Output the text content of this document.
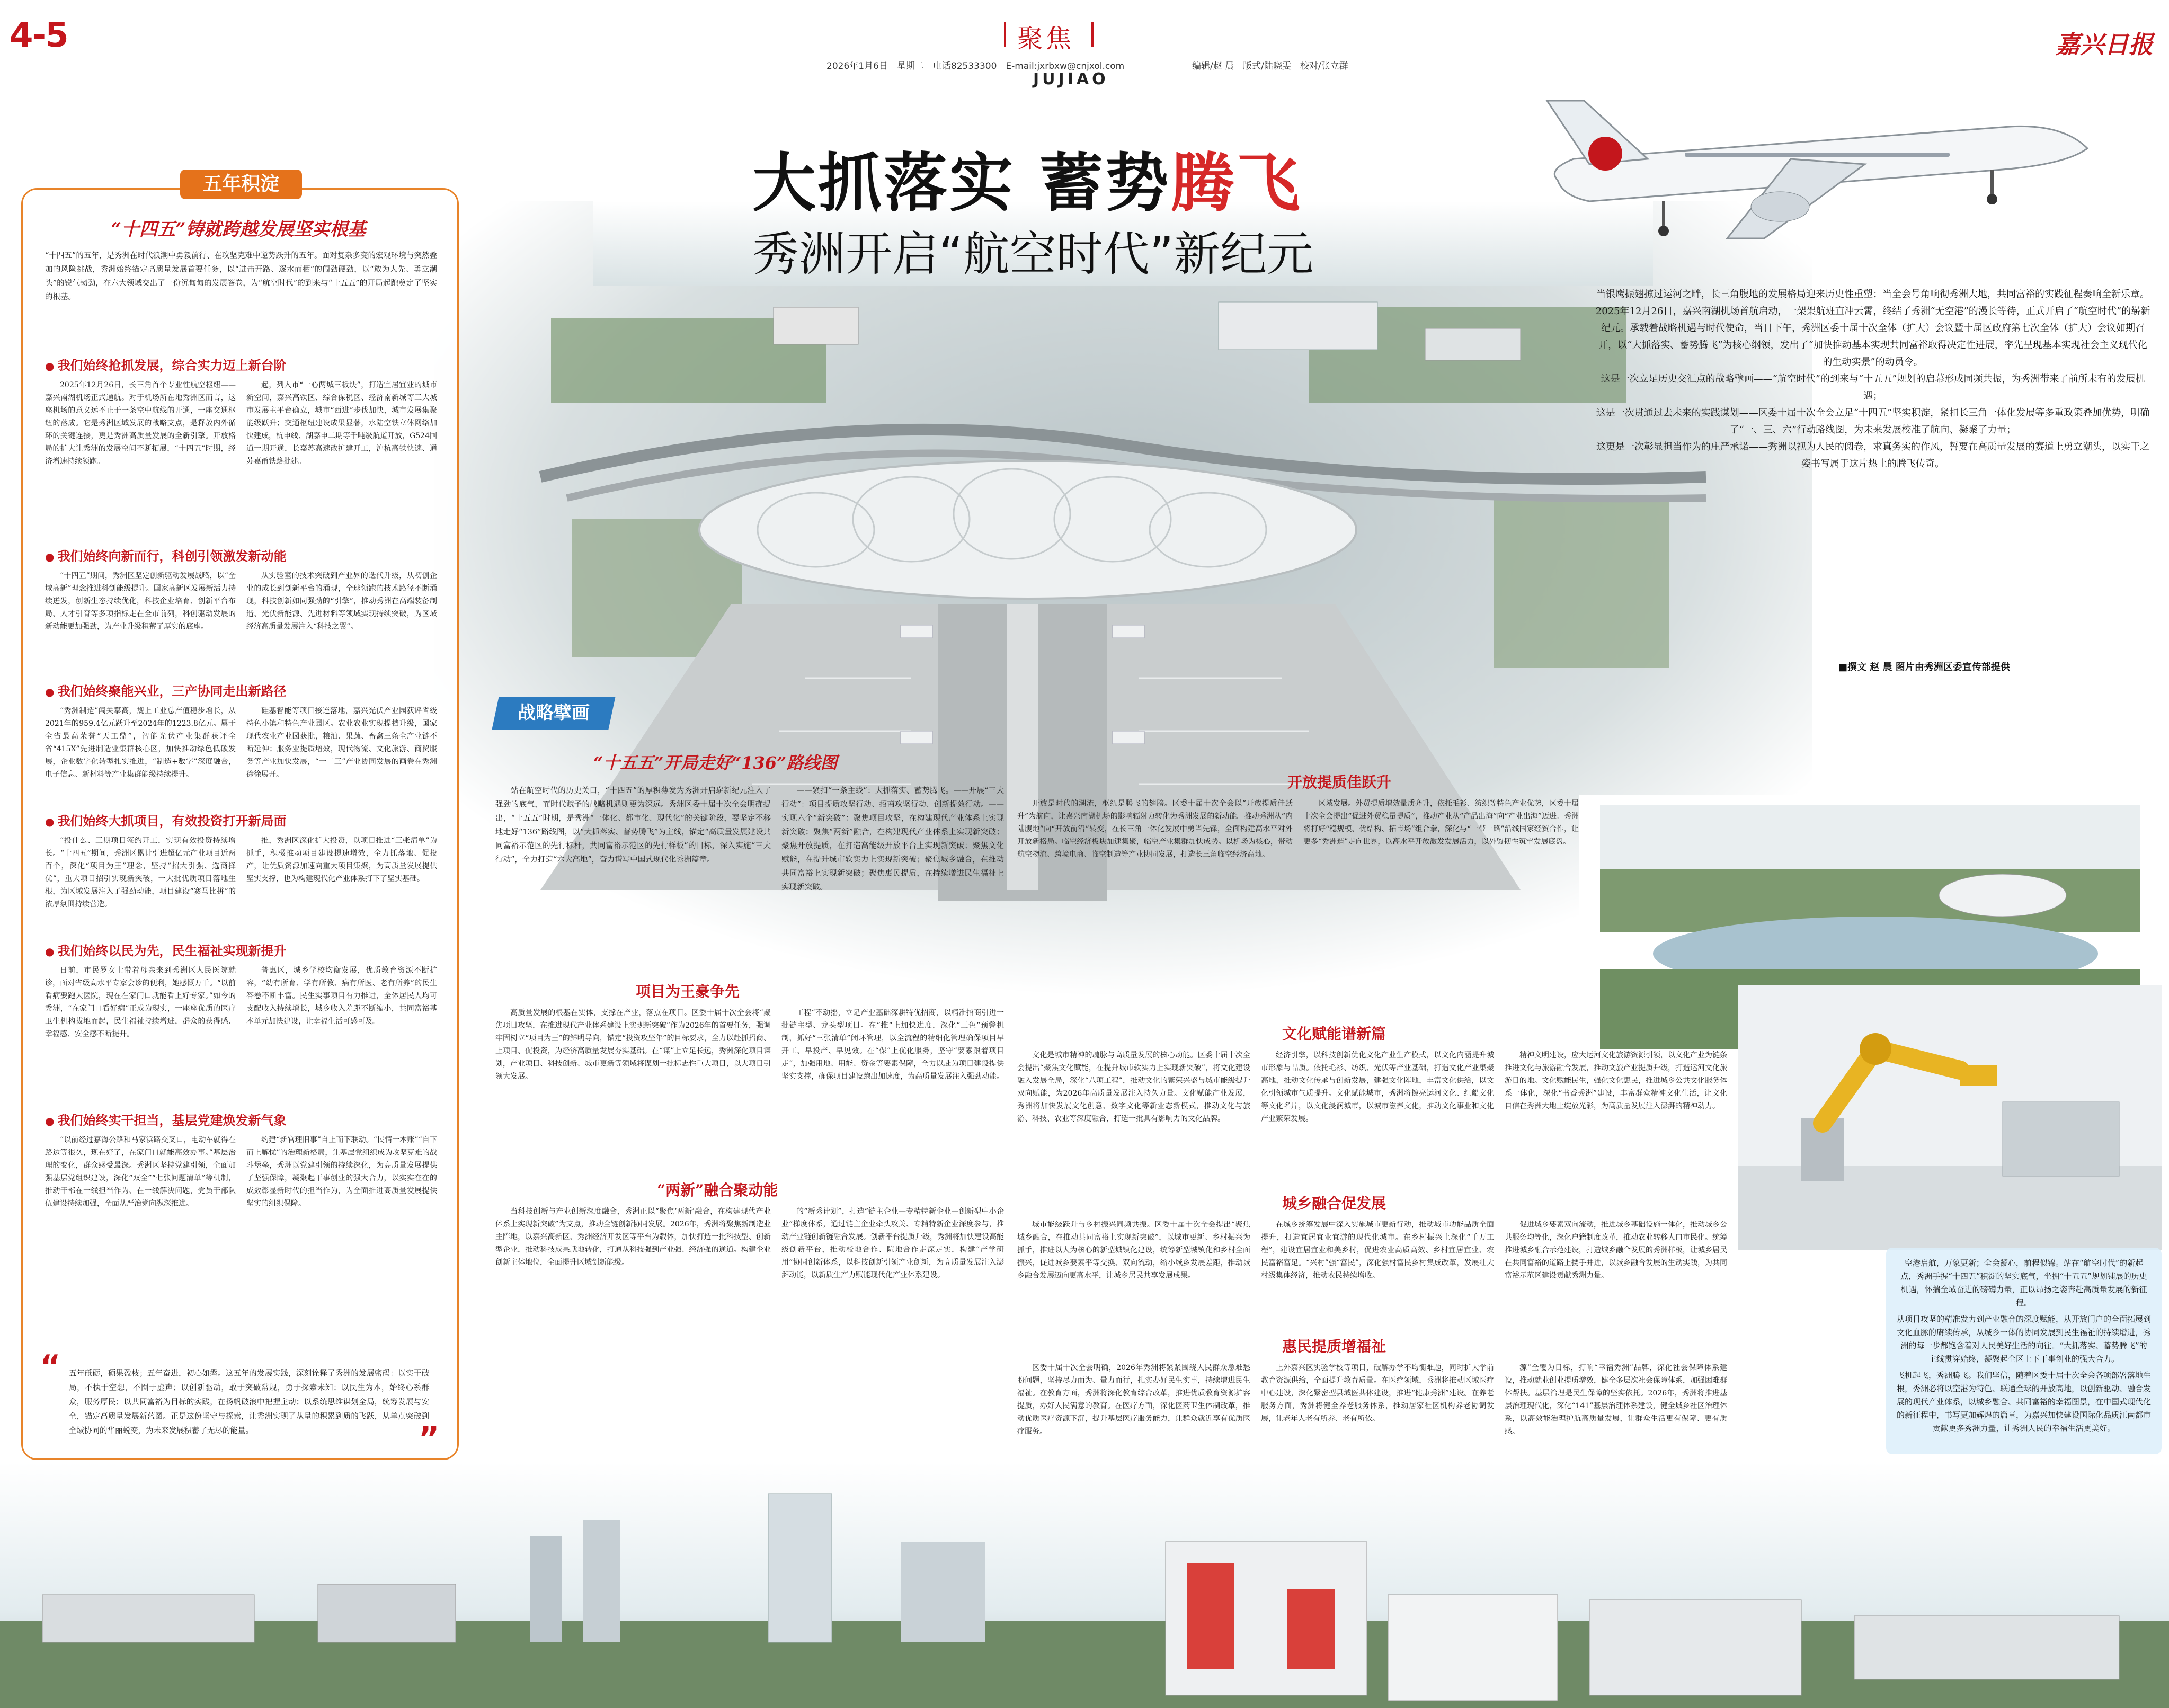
4-5	聚焦
2026年1月6日　星期二　电话82533300　E-mail:jxrbxw@cnjxol.com	编辑/赵 晨　版式/陆晓雯　校对/张立群
嘉兴日报
JUJIAO
大抓落实 蓄势腾飞
秀洲开启“航空时代”新纪元

当银鹰振翅掠过运河之畔，长三角腹地的发展格局迎来历史性重塑；当全会号角响彻秀洲大地，共同富裕的实践征程奏响全新乐章。

2025年12月26日，嘉兴南湖机场首航启动，一架架航班直冲云霄，终结了秀洲“无空港”的漫长等待，正式开启了“航空时代”的崭新纪元。承载着战略机遇与时代使命，当日下午，秀洲区委十届十次全体（扩大）会议暨十届区政府第七次全体（扩大）会议如期召开，以“大抓落实、蓄势腾飞”为核心纲领，发出了“加快推动基本实现共同富裕取得决定性进展，率先呈现基本实现社会主义现代化的生动实景”的动员令。

这是一次立足历史交汇点的战略擘画——“航空时代”的到来与“十五五”规划的启幕形成同频共振，为秀洲带来了前所未有的发展机遇；

这是一次贯通过去未来的实践谋划——区委十届十次全会立足“十四五”坚实积淀，紧扣长三角一体化发展等多重政策叠加优势，明确了“一、三、六”行动路线图，为未来发展校准了航向、凝聚了力量；

这更是一次彰显担当作为的庄严承诺——秀洲以视为人民的阅卷，求真务实的作风，誓要在高质量发展的赛道上勇立潮头，以实干之姿书写属于这片热土的腾飞传奇。

■撰文 赵 晨 图片由秀洲区委宣传部提供
五年积淀
“十四五”铸就跨越发展坚实根基
“十四五”的五年，是秀洲在时代浪潮中勇毅前行、在攻坚克难中逆势跃升的五年。面对复杂多变的宏观环境与突然叠加的风险挑战，秀洲始终锚定高质量发展首要任务，以“进击开路、逐水而栖”的闯劲硬劲，以“敢为人先、勇立潮头”的锐气韧劲，在六大领域交出了一份沉甸甸的发展答卷，为“航空时代”的到来与“十五五”的开局起跑奠定了坚实的根基。
● 我们始终抢抓发展，综合实力迈上新台阶

2025年12月26日，长三角首个专业性航空枢纽——嘉兴南湖机场正式通航。对于机场所在地秀洲区而言，这座机场的意义远不止于一条空中航线的开通，一座交通枢纽的落成。它是秀洲区域发展的战略支点，是释放内外循环的关键连接，更是秀洲高质量发展的全新引擎。开放格局的扩大让秀洲的发展空间不断拓展，“十四五”时期，经济增速持续领跑。

起，列入市“一心两城三板块”，打造宜居宜业的城市新空间，嘉兴高铁区、综合保税区、经济南新城等三大城市发展主平台确立，城市“西进”步伐加快，城市发展集聚能级跃升；交通枢纽建设成果显著，水陆空铁立体网络加快建成，杭申线、湖嘉申二期等千吨级航道开放，G524国道一期开通，长嘉苏高速改扩建开工，沪杭高铁快速、通苏嘉甬铁路批建。

● 我们始终向新而行，科创引领激发新动能

“十四五”期间，秀洲区坚定创新驱动发展战略，以“全域高新”理念推进科创能级提升。国家高新区发展新活力持续迸发，创新生态持续优化，科技企业培育、创新平台布局、人才引育等多项指标走在全市前列，科创驱动发展的新动能更加强劲，为产业升级积蓄了厚实的底座。

从实验室的技术突破到产业界的迭代升级，从初创企业的成长到创新平台的涌现，全球领跑的技术路径不断涌现，科技创新如同强劲的“引擎”，推动秀洲在高端装备制造、光伏新能源、先进材料等领域实现持续突破，为区域经济高质量发展注入“科技之翼”。

● 我们始终聚能兴业，三产协同走出新路径

“秀洲制造”闯关攀高，规上工业总产值稳步增长，从2021年的959.4亿元跃升至2024年的1223.8亿元。属于全省最高荣誉“天工鼎”，智能光伏产业集群获评全省“415X”先进制造业集群核心区，加快推动绿色低碳发展，企业数字化转型扎实推进，“制造+数字”深度融合，电子信息、新材料等产业集群能级持续提升。

硅基智能等项目接连落地，嘉兴光伏产业园获评省级特色小镇和特色产业园区。农业农业实现提档升级，国家现代农业产业园获批，粮油、果蔬、畜禽三条全产业链不断延伸；服务业提质增效，现代物流、文化旅游、商贸服务等产业加快发展，“一二三”产业协同发展的画卷在秀洲徐徐展开。

● 我们始终大抓项目，有效投资打开新局面

“投什么、三期项目签约开工，实现有效投资持续增长。“十四五”期间，秀洲区累计引进超亿元产业项目近两百个，深化“项目为王”理念，坚持“招大引强、选商择优”，重大项目招引实现新突破，一大批优质项目落地生根，为区域发展注入了强劲动能，项目建设“赛马比拼”的浓厚氛围持续营造。

推，秀洲区深化扩大投资，以项目推进“三张清单”为抓手，积极推动项目建设提速增效，全力抓落地、促投产，让优质资源加速向重大项目集聚，为高质量发展提供坚实支撑，也为构建现代化产业体系打下了坚实基础。

● 我们始终以民为先，民生福祉实现新提升

日前，市民罗女士带着母亲来到秀洲区人民医院就诊，面对省级高水平专家会诊的便利，她感慨万千。“以前看病要跑大医院，现在在家门口就能看上好专家。”如今的秀洲，“在家门口看好病”正成为现实，一座座优质的医疗卫生机构拔地而起，民生福祉持续增进，群众的获得感、幸福感、安全感不断提升。

普惠区，城乡学校均衡发展，优质教育资源不断扩容，“幼有所育、学有所教、病有所医、老有所养”的民生答卷不断丰富。民生实事项目有力推进，全体居民人均可支配收入持续增长，城乡收入差距不断缩小，共同富裕基本单元加快建设，让幸福生活可感可及。

● 我们始终实干担当，基层党建焕发新气象

“以前经过嘉海公路和马家浜路交叉口，电动车就得在路边等很久，现在好了，在家门口就能高效办事。”基层治理的变化，群众感受最深。秀洲区坚持党建引领，全面加强基层党组织建设，深化“双全”“七张问题清单”等机制，推动干部在一线担当作为、在一线解决问题，党员干部队伍建设持续加强，全面从严治党向纵深推进。

约建“新官理旧事”自上而下联动。“民情一本账”“自下而上解忧”的治理新格局，让基层党组织成为攻坚克难的战斗堡垒，秀洲以党建引领的持续深化，为高质量发展提供了坚强保障，凝聚起干事创业的强大合力，以实实在在的成效彰显新时代的担当作为，为全面推进高质量发展提供坚实的组织保障。

“ 五年砥砺，硕果盈枝；五年奋进，初心如磐。这五年的发展实践，深刻诠释了秀洲的发展密码：以实干破局，不执于空想，不囿于虚声；以创新驱动，敢于突破常规，勇于探索未知；以民生为本，始终心系群众，服务厚民；以共同富裕为目标的实践，在扬帆破浪中把握主动；以系统思维谋划全局，统筹发展与安全，锚定高质量发展新蓝图。正是这份坚守与探索，让秀洲实现了从量的积累到质的飞跃，从单点突破到全域协同的华丽蜕变，为未来发展积蓄了无尽的能量。	”
战略擘画
“十五五”开局走好“136”路线图

站在航空时代的历史关口，“十四五”的厚积薄发为秀洲开启崭新纪元注入了强劲的底气，而时代赋予的战略机遇则更为深远。秀洲区委十届十次全会明确提出，“十五五”时期，是秀洲“一体化、都市化、现代化”的关键阶段，要坚定不移地走好“136”路线图，以“大抓落实、蓄势腾飞”为主线，锚定“高质量发展建设共同富裕示范区的先行标杆，共同富裕示范区的先行样板”的目标，深入实施“三大行动”，全力打造“六大高地”，奋力谱写中国式现代化秀洲篇章。

——紧扣“一条主线”：大抓落实、蓄势腾飞。——开展“三大行动”：项目提质攻坚行动、招商攻坚行动、创新提效行动。——实现六个“新突破”：聚焦项目攻坚，在构建现代产业体系上实现新突破；聚焦“两新”融合，在构建现代产业体系上实现新突破；聚焦开放提质，在打造高能级开放平台上实现新突破；聚焦文化赋能，在提升城市软实力上实现新突破；聚焦城乡融合，在推动共同富裕上实现新突破；聚焦惠民提质，在持续增进民生福祉上实现新突破。

开放提质佳跃升

开放是时代的潮流，枢纽是腾飞的翅膀。区委十届十次全会以“开放提质佳跃升”为航向，让嘉兴南湖机场的影响辐射力转化为秀洲发展的新动能。推动秀洲从“内陆腹地”向“开放前沿”转变，在长三角一体化发展中勇当先锋，全面构建高水平对外开放新格局。临空经济板块加速集聚，临空产业集群加快成势。以机场为核心，带动航空物流、跨境电商、临空制造等产业协同发展，打造长三角临空经济高地。

区域发展。外贸提质增效量质齐升，依托毛衫、纺织等特色产业优势，区委十届十次全会提出“促进外贸稳量提质”，推动产业从“产品出海”向“产业出海”迈进。秀洲将打好“稳规模、优结构、拓市场”组合拳，深化与“一带一路”沿线国家经贸合作，让更多“秀洲造”走向世界，以高水平开放激发发展活力，以外贸韧性筑牢发展底盘。

项目为王豪争先

高质量发展的根基在实体，支撑在产业，落点在项目。区委十届十次全会将“聚焦项目攻坚，在推进现代产业体系建设上实现新突破”作为2026年的首要任务，强调牢固树立“项目为王”的鲜明导向，锚定“投资攻坚年”的目标要求，全力以赴抓招商、上项目、促投资，为经济高质量发展夯实基础。在“谋”上立足长远，秀洲深化项目谋划，产业项目、科技创新、城市更新等领域将谋划一批标志性重大项目，以大项目引领大发展。

工程“不动摇，立足产业基础深耕特优招商，以精准招商引进一批链主型、龙头型项目。在“推”上加快进度，深化“三色”预警机制，抓好“三张清单”闭环管理，以全流程的精细化管理确保项目早开工、早投产、早见效。在“保”上优化服务，坚守“要素跟着项目走”，加强用地、用能、资金等要素保障，全力以赴为项目建设提供坚实支撑，确保项目建设跑出加速度，为高质量发展注入强劲动能。

文化赋能谱新篇

文化是城市精神的魂脉与高质量发展的核心动能。区委十届十次全会提出“聚焦文化赋能，在提升城市软实力上实现新突破”，将文化建设融入发展全局，深化“八项工程”，推动文化的繁荣兴盛与城市能级提升双向赋能，为2026年高质量发展注入持久力量。文化赋能产业发展，秀洲将加快发展文化创意、数字文化等新业态新模式，推动文化与旅游、科技、农业等深度融合，打造一批具有影响力的文化品牌。

经济引擎，以科技创新优化文化产业生产模式，以文化内涵提升城市形象与品质。依托毛衫、纺织、光伏等产业基础，打造文化产业集聚高地，推动文化传承与创新发展，建强文化阵地，丰富文化供给，以文化引领城市气质提升。文化赋能城市，秀洲将擦亮运河文化、红船文化等文化名片，以文化浸润城市，以城市滋养文化，推动文化事业和文化产业繁荣发展。

精神文明建设，应大运河文化旅游资源引领，以文化产业为链条推进文化与旅游融合发展，推动文旅产业提质升级，打造运河文化旅游目的地。文化赋能民生，强化文化惠民，推进城乡公共文化服务体系一体化，深化“书香秀洲”建设，丰富群众精神文化生活，让文化自信在秀洲大地上绽放光彩，为高质量发展注入澎湃的精神动力。

“两新”融合聚动能

当科技创新与产业创新深度融合，秀洲正以“聚焦‘两新’融合，在构建现代产业体系上实现新突破”为支点，推动全链创新协同发展。2026年，秀洲将聚焦新制造业主阵地，以嘉兴高新区、秀洲经济开发区等平台为载体，加快打造一批科技型、创新型企业，推动科技成果就地转化，打通从科技强到产业强、经济强的通道。构建企业创新主体地位，全面提升区域创新能级。

的“新秀计划”，打造“链主企业—专精特新企业—创新型中小企业”梯度体系，通过链主企业牵头攻关、专精特新企业深度参与，推动产业链创新链融合发展。创新平台提质升级，秀洲将加快建设高能级创新平台，推动校地合作、院地合作走深走实，构建“产学研用”协同创新体系，以科技创新引领产业创新，为高质量发展注入澎湃动能，以新质生产力赋能现代化产业体系建设。

城乡融合促发展

城市能级跃升与乡村振兴同频共振。区委十届十次全会提出“聚焦城乡融合，在推动共同富裕上实现新突破”，以城市更新、乡村振兴为抓手，推进以人为核心的新型城镇化建设，统筹新型城镇化和乡村全面振兴，促进城乡要素平等交换、双向流动，缩小城乡发展差距，推动城乡融合发展迈向更高水平，让城乡居民共享发展成果。

在城乡统筹发展中深入实施城市更新行动，推动城市功能品质全面提升，打造宜居宜业宜游的现代化城市。在乡村振兴上深化“千万工程”，建设宜居宜业和美乡村，促进农业高质高效、乡村宜居宜业、农民富裕富足。“兴村”强“富民”，深化强村富民乡村集成改革，发展壮大村级集体经济，推动农民持续增收。

促进城乡要素双向流动，推进城乡基础设施一体化，推动城乡公共服务均等化，深化户籍制度改革，推动农业转移人口市民化。统筹推进城乡融合示范建设，打造城乡融合发展的秀洲样板，让城乡居民在共同富裕的道路上携手并进，以城乡融合发展的生动实践，为共同富裕示范区建设贡献秀洲力量。

惠民提质增福祉

区委十届十次全会明确，2026年秀洲将紧紧围绕人民群众急难愁盼问题，坚持尽力而为、量力而行，扎实办好民生实事，持续增进民生福祉。在教育方面，秀洲将深化教育综合改革，推进优质教育资源扩容提质，办好人民满意的教育。在医疗方面，深化医药卫生体制改革，推动优质医疗资源下沉，提升基层医疗服务能力，让群众就近享有优质医疗服务。

上外嘉兴区实验学校等项目，破解办学不均衡难题，同时扩大学前教育资源供给，全面提升教育质量。在医疗领域，秀洲将推动区域医疗中心建设，深化紧密型县域医共体建设，推进“健康秀洲”建设。在养老服务方面，秀洲将健全养老服务体系，推动居家社区机构养老协调发展，让老年人老有所养、老有所依。

源”全覆为目标，打响“幸福秀洲”品牌，深化社会保障体系建设，推动就业创业提质增效，健全多层次社会保障体系，加强困难群体帮扶。基层治理是民生保障的坚实依托。2026年，秀洲将推进基层治理现代化，深化“141”基层治理体系建设，健全城乡社区治理体系，以高效能治理护航高质量发展，让群众生活更有保障、更有质感。

空港启航，万象更新；全会凝心，前程似锦。站在“航空时代”的新起点，秀洲手握“十四五”积淀的坚实底气，坐拥“十五五”规划铺展的历史机遇，怀揣全域奋进的磅礴力量，正以昂扬之姿奔赴高质量发展的新征程。

从项目攻坚的精准发力到产业融合的深度赋能，从开放门户的全面拓展到文化血脉的赓续传承，从城乡一体的协同发展到民生福祉的持续增进，秀洲的每一步都饱含着对人民美好生活的向往。“大抓落实、蓄势腾飞”的主线贯穿始终，凝聚起全区上下干事创业的强大合力。

飞机起飞，秀洲腾飞。我们坚信，随着区委十届十次全会各项部署落地生根，秀洲必将以空港为特色、联通全球的开放高地，以创新驱动、融合发展的现代产业体系，以城乡融合、共同富裕的幸福图景，在中国式现代化的新征程中，书写更加辉煌的篇章，为嘉兴加快建设国际化品质江南都市贡献更多秀洲力量，让秀洲人民的幸福生活更美好。
